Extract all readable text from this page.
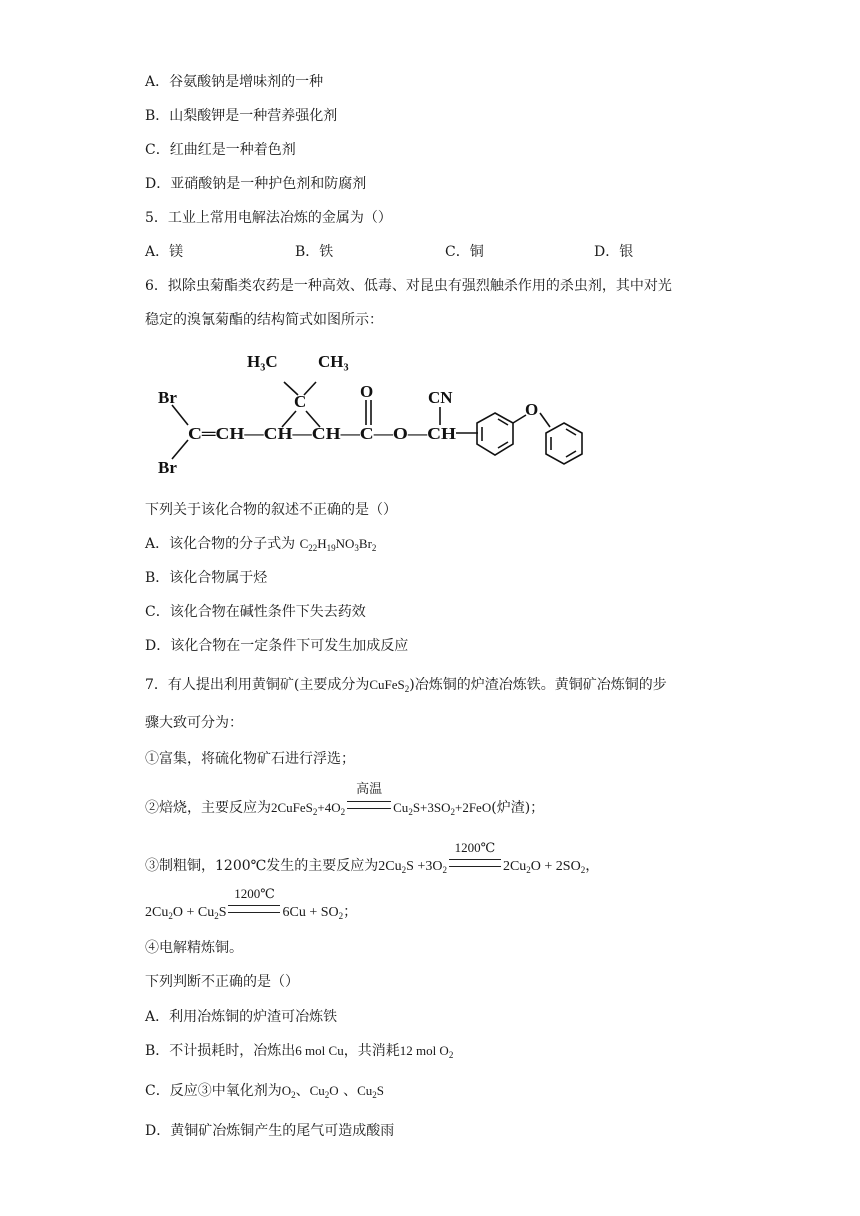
A．谷氨酸钠是增味剂的一种
B．山梨酸钾是一种营养强化剂
C．红曲红是一种着色剂
D．亚硝酸钠是一种护色剂和防腐剂
5．工业上常用电解法冶炼的金属为（）
A．镁	B．铁	C．铜	D．银
6．拟除虫菊酯类农药是一种高效、低毒、对昆虫有强烈触杀作用的杀虫剂，其中对光
稳定的溴氰菊酯的结构简式如图所示：
Br
Br
H₃C CH₃
C
O	CN
O
C═CH—CH—CH—C—O—CH
下列关于该化合物的叙述不正确的是（）
A．该化合物的分子式为 $C_{22}H_{19}NO_3Br_2$
B．该化合物属于烃
C．该化合物在碱性条件下失去药效
D．该化合物在一定条件下可发生加成反应
7．有人提出利用黄铜矿(主要成分为CuFeS$_2$)冶炼铜的炉渣冶炼铁。黄铜矿冶炼铜的步
骤大致可分为：
①富集，将硫化物矿石进行浮选；
②焙烧，主要反应为$2CuFeS_2+4O_2$
高温
$Cu_2S+3SO_2+2FeO$(炉渣)；
③制粗铜，1200℃发生的主要反应为$2Cu_2S +3O_2$
1200℃
$2Cu_2O + 2SO_2$，
$2Cu_2O + Cu_2S$
1200℃
$6Cu + SO_2$；
④电解精炼铜。
下列判断不正确的是（）
A．利用冶炼铜的炉渣可冶炼铁
B．不计损耗时，冶炼出6 mol Cu，共消耗12 mol $O_2$
C．反应③中氧化剂为$O_2$、$Cu_2O$ 、$Cu_2S$
D．黄铜矿冶炼铜产生的尾气可造成酸雨
